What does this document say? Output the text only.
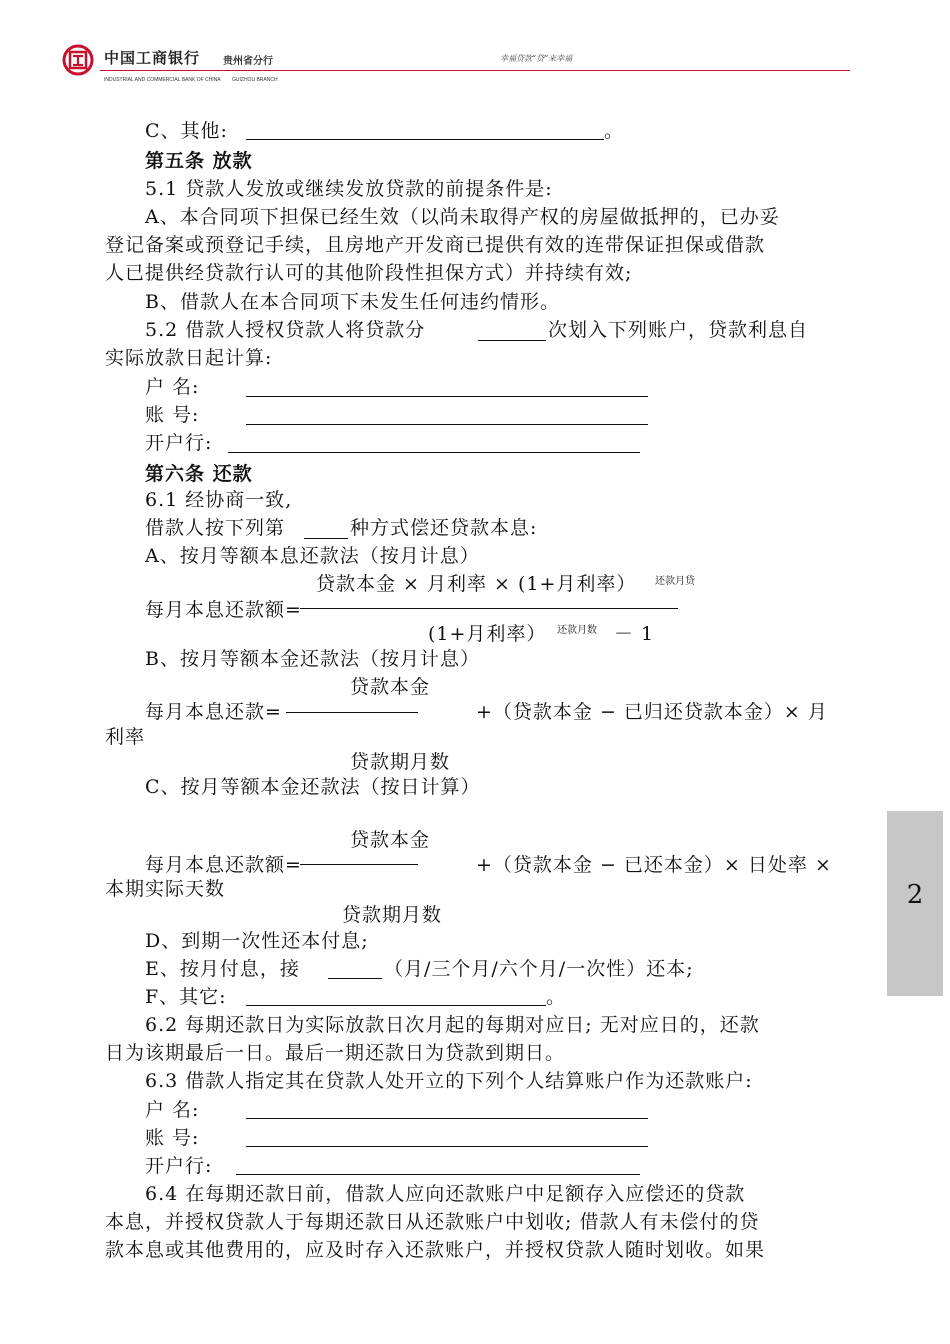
中国工商银行 贵州省分行
INDUSTRIAL AND COMMERCIAL BANK OF CHINA GUIZHOU BRANCH
幸福贷款“贷”来幸福
C、其他:	。
第五条 放款
5.1 贷款人发放或继续发放贷款的前提条件是:
A、本合同项下担保已经生效（以尚未取得产权的房屋做抵押的，已办妥
登记备案或预登记手续，且房地产开发商已提供有效的连带保证担保或借款
人已提供经贷款行认可的其他阶段性担保方式）并持续有效;
B、借款人在本合同项下未发生任何违约情形。
5.2 借款人授权贷款人将贷款分	次划入下列账户，贷款利息自
实际放款日起计算:
户 名:
账 号:
开户行:
第六条 还款
6.1 经协商一致,
借款人按下列第	种方式偿还贷款本息:
A、按月等额本息还款法（按月计息）
贷款本金 × 月利率 × (1+月利率） 还款月贷
每月本息还款额=
(1+月利率） 还款月数 － 1
B、按月等额本金还款法（按月计息）
贷款本金
每月本息还款=	+（贷款本金 − 已归还贷款本金）× 月
利率
贷款期月数
C、按月等额本金还款法（按日计算）
贷款本金
每月本息还款额=	+（贷款本金 − 已还本金）× 日处率 ×
本期实际天数
贷款期月数
D、到期一次性还本付息;
E、按月付息，接	（月/三个月/六个月/一次性）还本;
F、其它:	。
6.2 每期还款日为实际放款日次月起的每期对应日; 无对应日的，还款
日为该期最后一日。最后一期还款日为贷款到期日。
6.3 借款人指定其在贷款人处开立的下列个人结算账户作为还款账户:
户 名:
账 号:
开户行:
6.4 在每期还款日前，借款人应向还款账户中足额存入应偿还的贷款
本息，并授权贷款人于每期还款日从还款账户中划收; 借款人有未偿付的贷
款本息或其他费用的，应及时存入还款账户，并授权贷款人随时划收。如果
2
